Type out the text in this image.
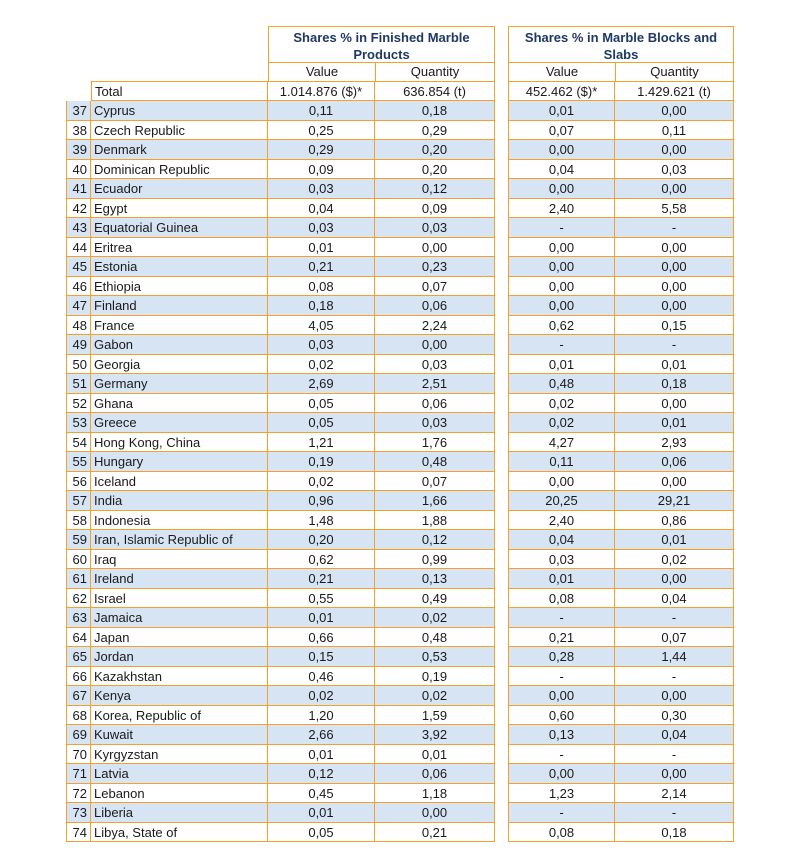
Shares % in Finished Marble Products
Shares % in Marble Blocks and Slabs
Value	Quantity	Value	Quantity
Total	1.014.876 ($)*	636.854 (t)	452.462 ($)*	1.429.621 (t)
37 Cyprus	0,11	0,18	0,01	0,00
38 Czech Republic	0,25	0,29	0,07	0,11
39 Denmark	0,29	0,20	0,00	0,00
40 Dominican Republic	0,09	0,20	0,04	0,03
41 Ecuador	0,03	0,12	0,00	0,00
42 Egypt	0,04	0,09	2,40	5,58
43 Equatorial Guinea	0,03	0,03	-	-
44 Eritrea	0,01	0,00	0,00	0,00
45 Estonia	0,21	0,23	0,00	0,00
46 Ethiopia	0,08	0,07	0,00	0,00
47 Finland	0,18	0,06	0,00	0,00
48 France	4,05	2,24	0,62	0,15
49 Gabon	0,03	0,00	-	-
50 Georgia	0,02	0,03	0,01	0,01
51 Germany	2,69	2,51	0,48	0,18
52 Ghana	0,05	0,06	0,02	0,00
53 Greece	0,05	0,03	0,02	0,01
54 Hong Kong, China	1,21	1,76	4,27	2,93
55 Hungary	0,19	0,48	0,11	0,06
56 Iceland	0,02	0,07	0,00	0,00
57 India	0,96	1,66	20,25	29,21
58 Indonesia	1,48	1,88	2,40	0,86
59 Iran, Islamic Republic of	0,20	0,12	0,04	0,01
60 Iraq	0,62	0,99	0,03	0,02
61 Ireland	0,21	0,13	0,01	0,00
62 Israel	0,55	0,49	0,08	0,04
63 Jamaica	0,01	0,02	-	-
64 Japan	0,66	0,48	0,21	0,07
65 Jordan	0,15	0,53	0,28	1,44
66 Kazakhstan	0,46	0,19	-	-
67 Kenya	0,02	0,02	0,00	0,00
68 Korea, Republic of	1,20	1,59	0,60	0,30
69 Kuwait	2,66	3,92	0,13	0,04
70 Kyrgyzstan	0,01	0,01	-	-
71 Latvia	0,12	0,06	0,00	0,00
72 Lebanon	0,45	1,18	1,23	2,14
73 Liberia	0,01	0,00	-	-
74 Libya, State of	0,05	0,21	0,08	0,18
